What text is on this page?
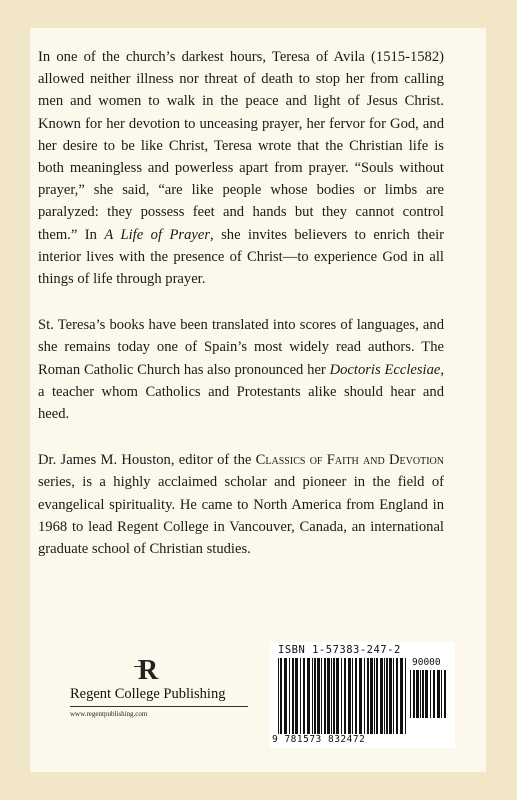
In one of the church’s darkest hours, Teresa of Avila (1515-1582) allowed neither illness nor threat of death to stop her from calling men and women to walk in the peace and light of Jesus Christ. Known for her devotion to unceasing prayer, her fervor for God, and her desire to be like Christ, Teresa wrote that the Christian life is both meaningless and powerless apart from prayer. “Souls without prayer,” she said, “are like people whose bodies or limbs are paralyzed: they possess feet and hands but they cannot control them.” In A Life of Prayer, she invites believers to enrich their interior lives with the presence of Christ—to experience God in all things of life through prayer.

St. Teresa’s books have been translated into scores of languages, and she remains today one of Spain’s most widely read authors. The Roman Catholic Church has also pronounced her Doctoris Ecclesiae, a teacher whom Catholics and Protestants alike should hear and heed.

Dr. James M. Houston, editor of the Classics of Faith and Devotion series, is a highly acclaimed scholar and pioneer in the field of evangelical spirituality. He came to North America from England in 1968 to lead Regent College in Vancouver, Canada, an international graduate school of Christian studies.

R
Regent College Publishing
www.regentpublishing.com
ISBN 1-57383-247-2
90000
9 781573 832472
